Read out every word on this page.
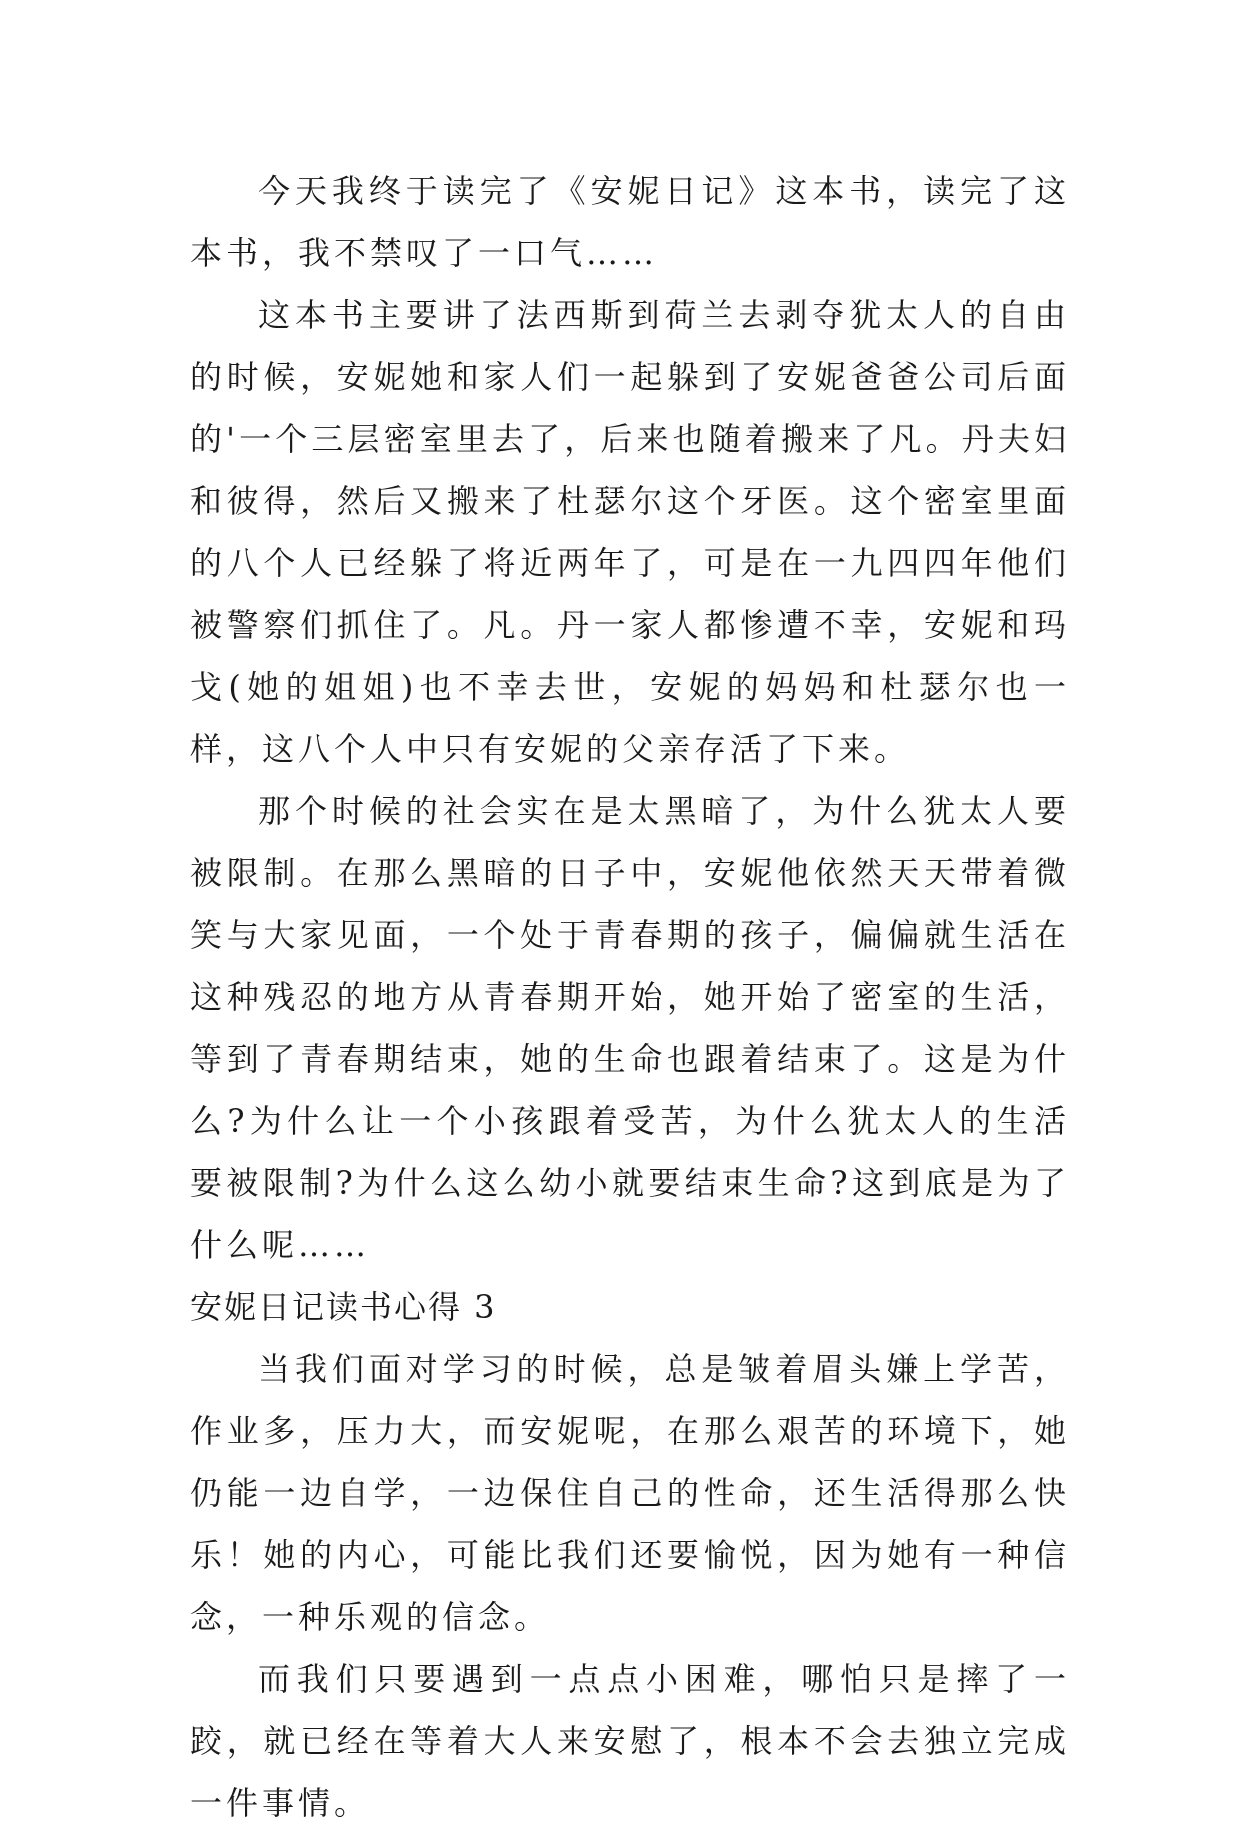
今天我终于读完了《安妮日记》这本书，读完了这本书，我不禁叹了一口气……

这本书主要讲了法西斯到荷兰去剥夺犹太人的自由的时候，安妮她和家人们一起躲到了安妮爸爸公司后面的'一个三层密室里去了，后来也随着搬来了凡。丹夫妇和彼得，然后又搬来了杜瑟尔这个牙医。这个密室里面的八个人已经躲了将近两年了，可是在一九四四年他们被警察们抓住了。凡。丹一家人都惨遭不幸，安妮和玛戈(她的姐姐)也不幸去世，安妮的妈妈和杜瑟尔也一样，这八个人中只有安妮的父亲存活了下来。

那个时候的社会实在是太黑暗了，为什么犹太人要被限制。在那么黑暗的日子中，安妮他依然天天带着微笑与大家见面，一个处于青春期的孩子，偏偏就生活在这种残忍的地方从青春期开始，她开始了密室的生活，等到了青春期结束，她的生命也跟着结束了。这是为什么?为什么让一个小孩跟着受苦，为什么犹太人的生活要被限制?为什么这么幼小就要结束生命?这到底是为了什么呢……

安妮日记读书心得 3

当我们面对学习的时候，总是皱着眉头嫌上学苦，作业多，压力大，而安妮呢，在那么艰苦的环境下，她仍能一边自学，一边保住自己的性命，还生活得那么快乐！她的内心，可能比我们还要愉悦，因为她有一种信念，一种乐观的信念。

而我们只要遇到一点点小困难，哪怕只是摔了一跤，就已经在等着大人来安慰了，根本不会去独立完成一件事情。
